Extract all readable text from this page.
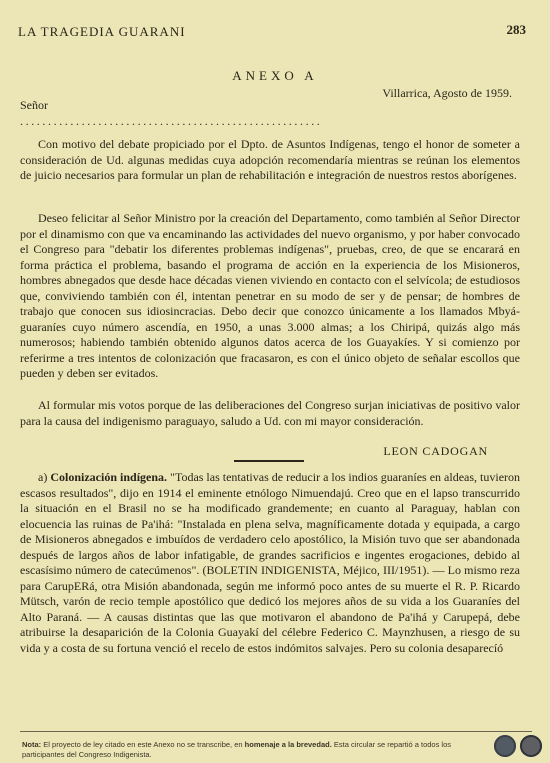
LA TRAGEDIA GUARANI	283
ANEXO A
Villarrica, Agosto de 1959.
Señor
......................................................

Con motivo del debate propiciado por el Dpto. de Asuntos Indígenas, tengo el honor de someter a consideración de Ud. algunas medidas cuya adopción recomendaría mientras se reúnan los elementos de juicio necesarios para formular un plan de rehabilitación e integración de nuestros restos aborígenes.

Deseo felicitar al Señor Ministro por la creación del Departamento, como también al Señor Director por el dinamismo con que va encaminando las actividades del nuevo organismo, y por haber convocado el Congreso para "debatir los diferentes problemas indígenas", pruebas, creo, de que se encarará en forma práctica el problema, basando el programa de acción en la experiencia de los Misioneros, hombres abnegados que desde hace décadas vienen viviendo en contacto con el selvícola; de estudiosos que, conviviendo también con él, intentan penetrar en su modo de ser y de pensar; de hombres de trabajo que conocen sus idiosincracias. Debo decir que conozco únicamente a los llamados Mbyá-guaraníes cuyo número ascendía, en 1950, a unas 3.000 almas; a los Chiripá, quizás algo más numerosos; habiendo también obtenido algunos datos acerca de los Guayakíes. Y si comienzo por referirme a tres intentos de colonización que fracasaron, es con el único objeto de señalar escollos que pueden y deben ser evitados.

Al formular mis votos porque de las deliberaciones del Congreso surjan iniciativas de positivo valor para la causa del indigenismo paraguayo, saludo a Ud. con mi mayor consideración.

LEON CADOGAN

a) Colonización indígena. "Todas las tentativas de reducir a los indios guaraníes en aldeas, tuvieron escasos resultados", dijo en 1914 el eminente etnólogo Nimuendajú. Creo que en el lapso transcurrido la situación en el Brasil no se ha modificado grandemente; en cuanto al Paraguay, hablan con elocuencia las ruinas de Pa'ihá: "Instalada en plena selva, magníficamente dotada y equipada, a cargo de Misioneros abnegados e imbuídos de verdadero celo apostólico, la Misión tuvo que ser abandonada después de largos años de labor infatigable, de grandes sacrificios e ingentes erogaciones, debido al escasísimo número de catecúmenos". (BOLETIN INDIGENISTA, Méjico, III/1951). — Lo mismo reza para CarupERá, otra Misión abandonada, según me informó poco antes de su muerte el R. P. Ricardo Mütsch, varón de recio temple apostólico que dedicó los mejores años de su vida a los Guaraníes del Alto Paraná. — A causas distintas que las que motivaron el abandono de Pa'ihá y Carupерá, debe atribuirse la desaparición de la Colonia Guayakí del célebre Federico C. Maynzhusen, a riesgo de su vida y a costa de su fortuna venció el recelo de estos indómitos salvajes. Pero su colonia desaparecíó

Nota: El proyecto de ley citado en este Anexo no se transcribe, en homenaje a la brevedad. Esta circular se repartió a todos los participantes del Congreso Indigenista.
